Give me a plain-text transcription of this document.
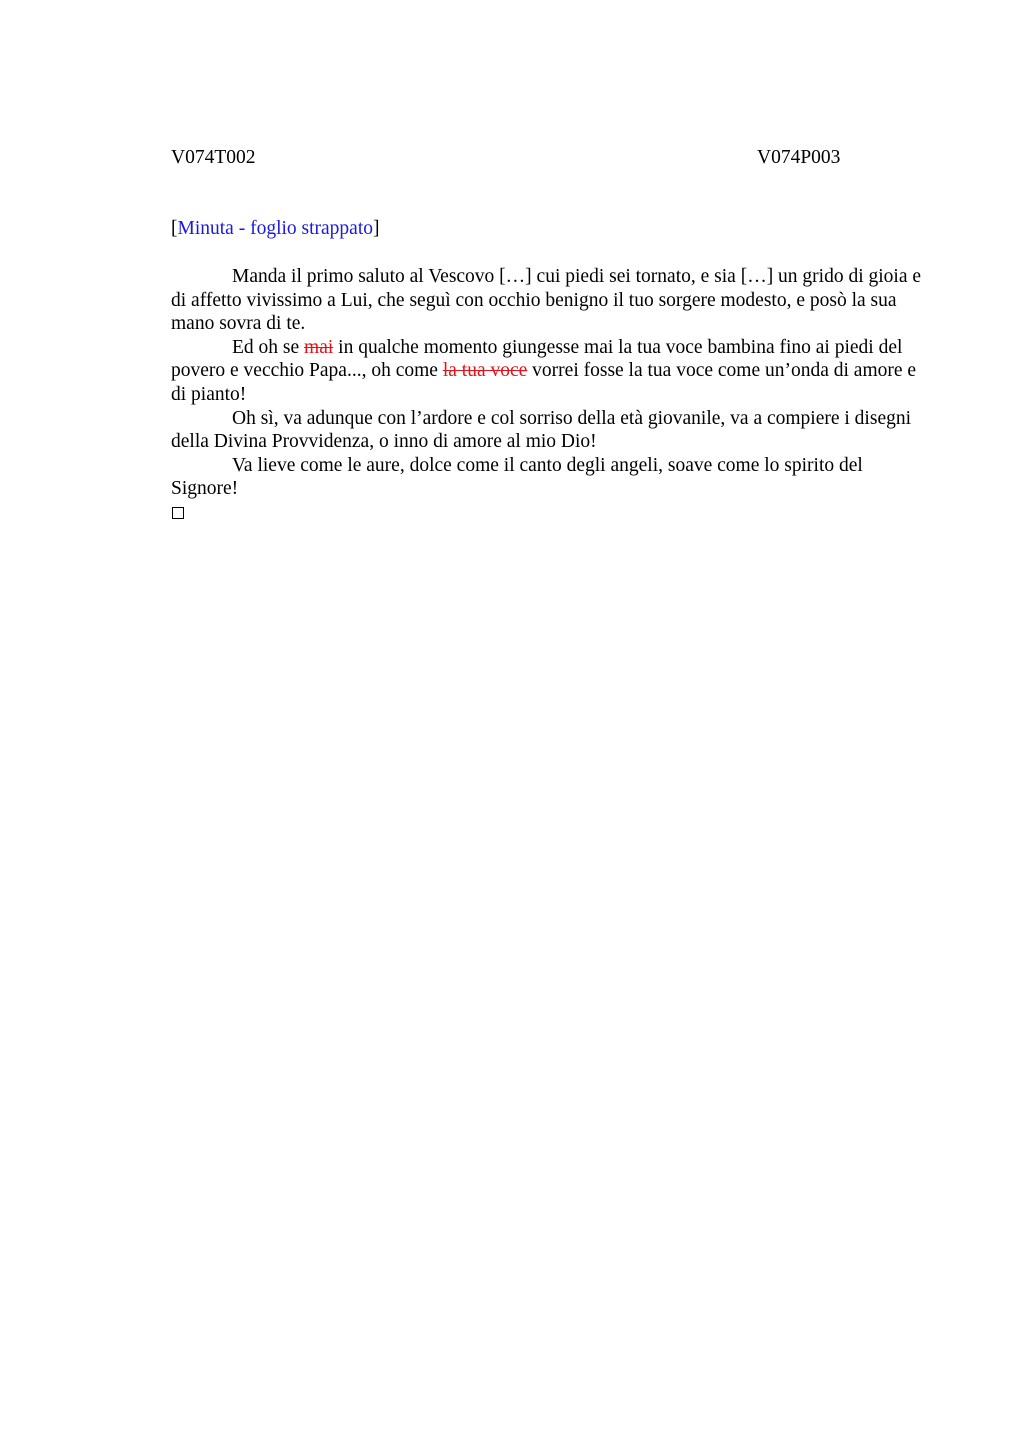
V074T002	V074P003
[Minuta - foglio strappato]

Manda il primo saluto al Vescovo […] cui piedi sei tornato, e sia […] un grido di gioia e di affetto vivissimo a Lui, che seguì con occhio benigno il tuo sorgere modesto, e posò la sua mano sovra di te.

Ed oh se mai in qualche momento giungesse mai la tua voce bambina fino ai piedi del povero e vecchio Papa..., oh come la tua voce vorrei fosse la tua voce come un’onda di amore e di pianto!

Oh sì, va adunque con l’ardore e col sorriso della età giovanile, va a compiere i disegni della Divina Provvidenza, o inno di amore al mio Dio!

Va lieve come le aure, dolce come il canto degli angeli, soave come lo spirito del Signore!
